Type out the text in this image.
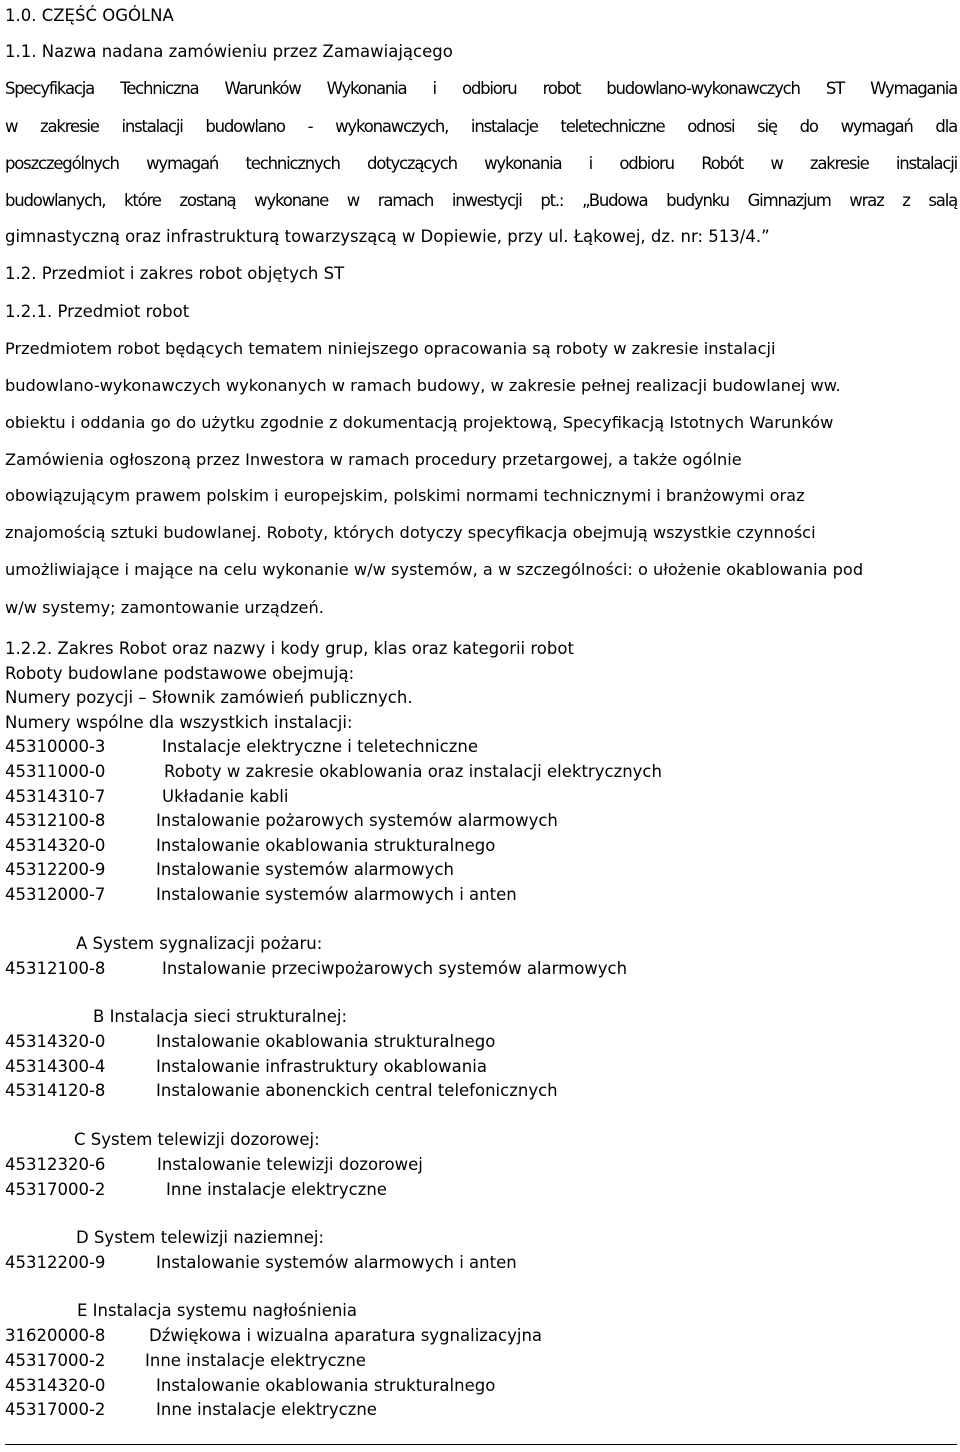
1.0. CZĘŚĆ OGÓLNA
1.1. Nazwa nadana zamówieniu przez Zamawiającego
Specyfikacja Techniczna Warunków Wykonania i odbioru robot budowlano-wykonawczych ST Wymagania
w zakresie instalacji budowlano - wykonawczych, instalacje teletechniczne odnosi się do wymagań dla
poszczególnych wymagań technicznych dotyczących wykonania i odbioru Robót w zakresie instalacji
budowlanych, które zostaną wykonane w ramach inwestycji pt.: „Budowa budynku Gimnazjum wraz z salą
gimnastyczną oraz infrastrukturą towarzyszącą w Dopiewie, przy ul. Łąkowej, dz. nr: 513/4.”
1.2. Przedmiot i zakres robot objętych ST
1.2.1. Przedmiot robot
Przedmiotem robot będących tematem niniejszego opracowania są roboty w zakresie instalacji
budowlano-wykonawczych wykonanych w ramach budowy, w zakresie pełnej realizacji budowlanej ww.
obiektu i oddania go do użytku zgodnie z dokumentacją projektową, Specyfikacją Istotnych Warunków
Zamówienia ogłoszoną przez Inwestora w ramach procedury przetargowej, a także ogólnie
obowiązującym prawem polskim i europejskim, polskimi normami technicznymi i branżowymi oraz
znajomością sztuki budowlanej. Roboty, których dotyczy specyfikacja obejmują wszystkie czynności
umożliwiające i mające na celu wykonanie w/w systemów, a w szczególności: o ułożenie okablowania pod
w/w systemy; zamontowanie urządzeń.
1.2.2. Zakres Robot oraz nazwy i kody grup, klas oraz kategorii robot
Roboty budowlane podstawowe obejmują:
Numery pozycji – Słownik zamówień publicznych.
Numery wspólne dla wszystkich instalacji:
45310000-3	Instalacje elektryczne i teletechniczne
45311000-0	Roboty w zakresie okablowania oraz instalacji elektrycznych
45314310-7	Układanie kabli
45312100-8	Instalowanie pożarowych systemów alarmowych
45314320-0	Instalowanie okablowania strukturalnego
45312200-9	Instalowanie systemów alarmowych
45312000-7	Instalowanie systemów alarmowych i anten
A System sygnalizacji pożaru:
45312100-8	Instalowanie przeciwpożarowych systemów alarmowych
B Instalacja sieci strukturalnej:
45314320-0	Instalowanie okablowania strukturalnego
45314300-4	Instalowanie infrastruktury okablowania
45314120-8	Instalowanie abonenckich central telefonicznych
C System telewizji dozorowej:
45312320-6	Instalowanie telewizji dozorowej
45317000-2	Inne instalacje elektryczne
D System telewizji naziemnej:
45312200-9	Instalowanie systemów alarmowych i anten
E Instalacja systemu nagłośnienia
31620000-8	Dźwiękowa i wizualna aparatura sygnalizacyjna
45317000-2 Inne instalacje elektryczne
45314320-0	Instalowanie okablowania strukturalnego
45317000-2	Inne instalacje elektryczne
